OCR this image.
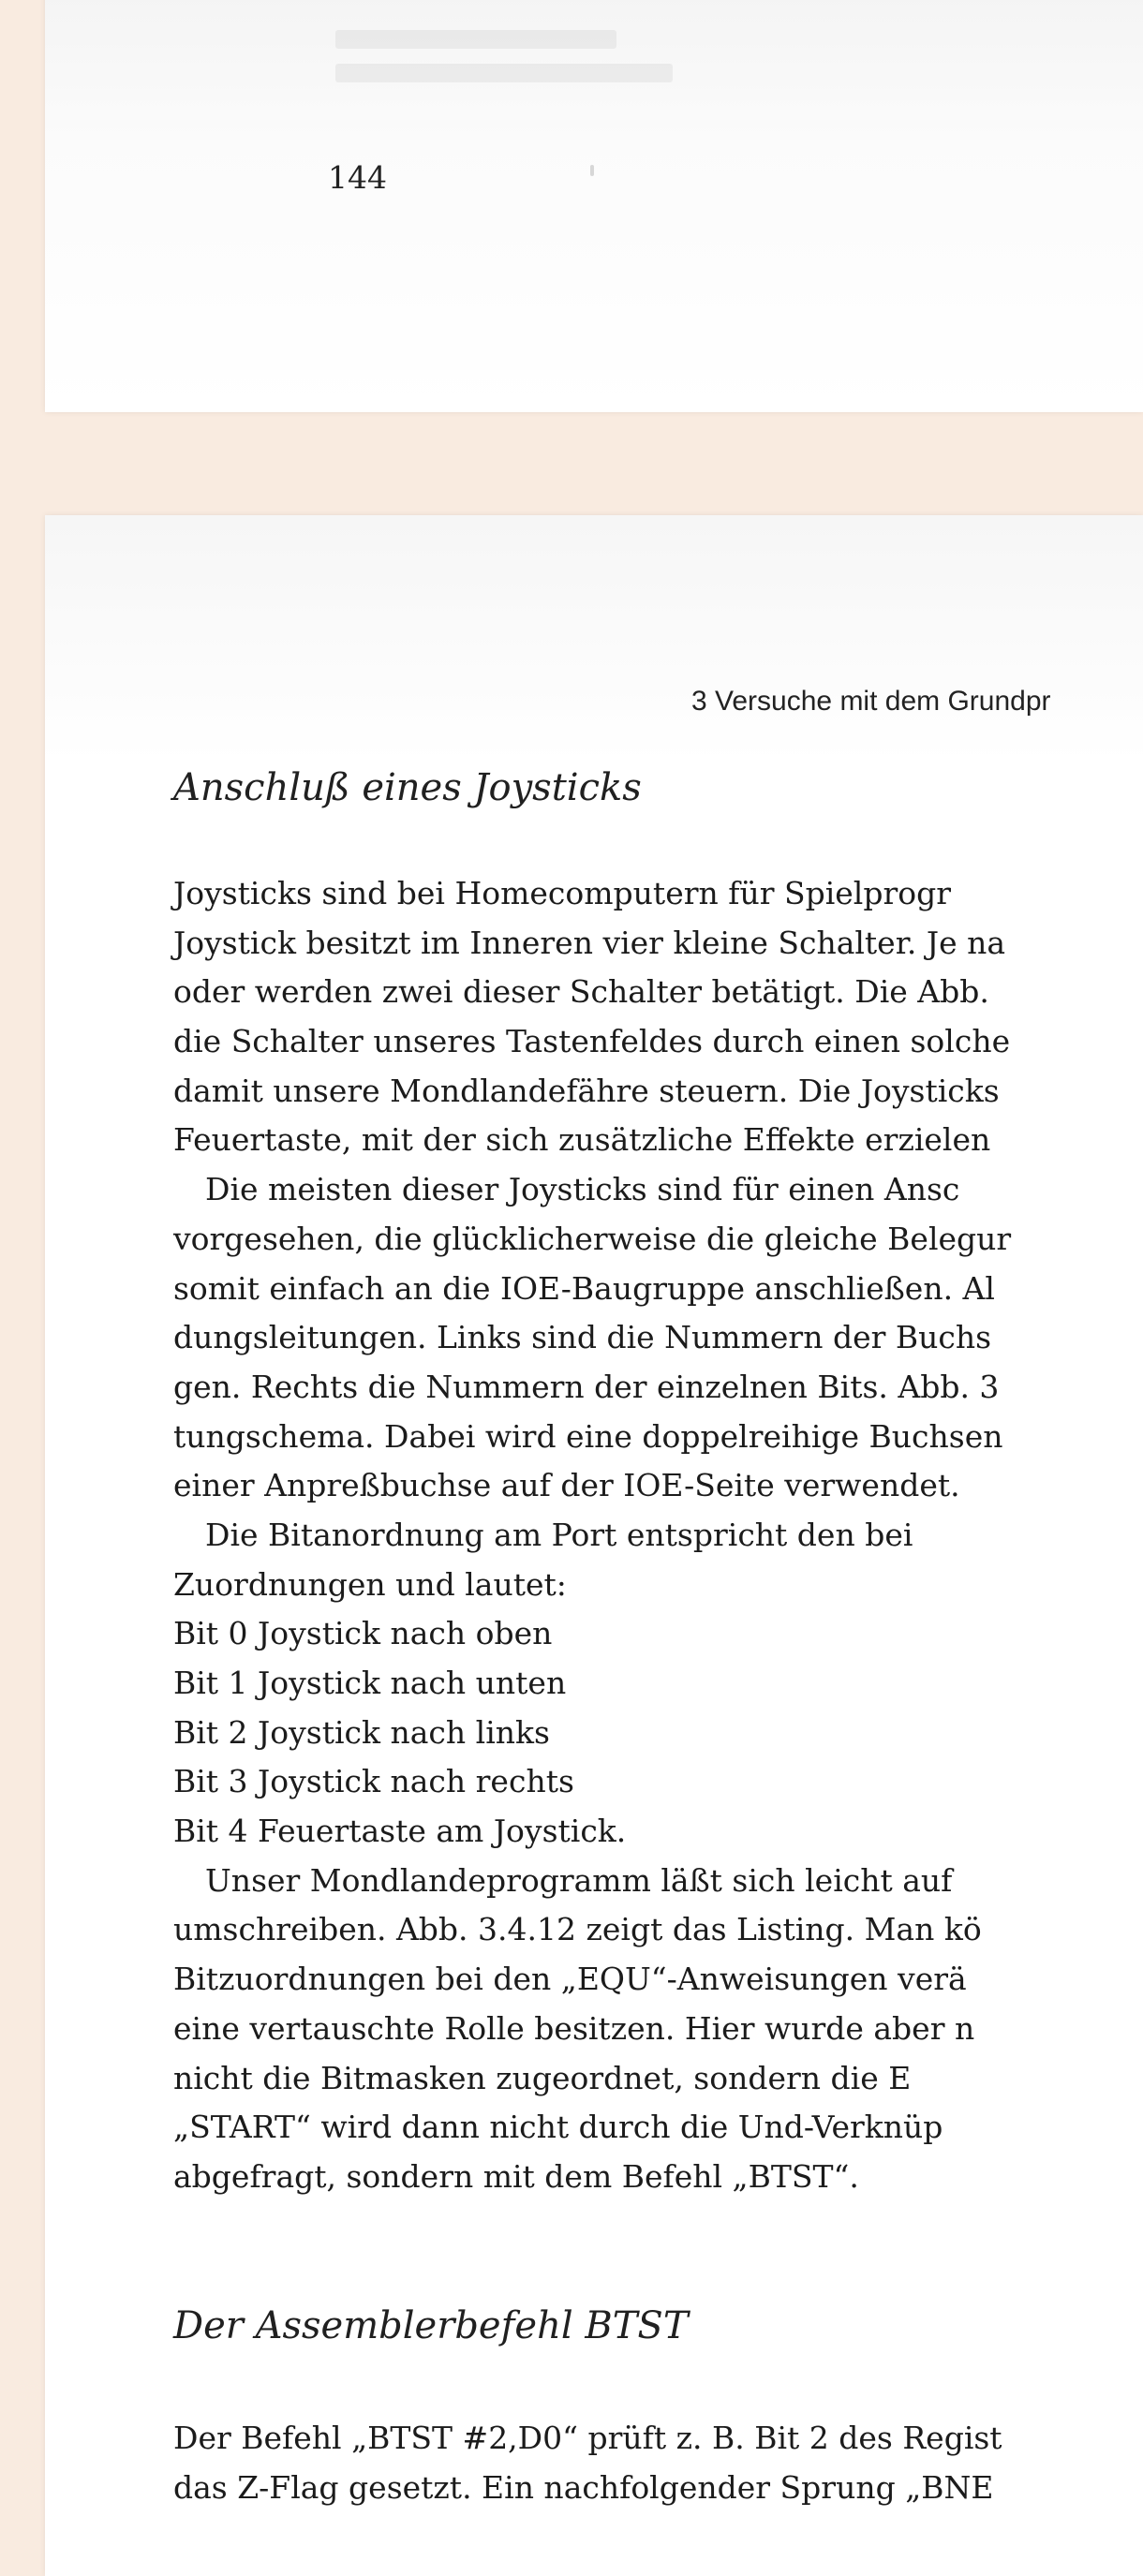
144
3 Versuche mit dem Grundpr
Anschluß eines Joysticks
Joysticks sind bei Homecomputern für Spielprogr
Joystick besitzt im Inneren vier kleine Schalter. Je na
oder werden zwei dieser Schalter betätigt. Die Abb.
die Schalter unseres Tastenfeldes durch einen solche
damit unsere Mondlandefähre steuern. Die Joysticks
Feuertaste, mit der sich zusätzliche Effekte erzielen
Die meisten dieser Joysticks sind für einen Ansc
vorgesehen, die glücklicherweise die gleiche Belegur
somit einfach an die IOE-Baugruppe anschließen. Al
dungsleitungen. Links sind die Nummern der Buchs
gen. Rechts die Nummern der einzelnen Bits. Abb. 3
tungschema. Dabei wird eine doppelreihige Buchsen
einer Anpreßbuchse auf der IOE-Seite verwendet.
Die Bitanordnung am Port entspricht den bei
Zuordnungen und lautet:
Bit 0 Joystick nach oben
Bit 1 Joystick nach unten
Bit 2 Joystick nach links
Bit 3 Joystick nach rechts
Bit 4 Feuertaste am Joystick.
Unser Mondlandeprogramm läßt sich leicht auf
umschreiben. Abb. 3.4.12 zeigt das Listing. Man kö
Bitzuordnungen bei den „EQU“-Anweisungen verä
eine vertauschte Rolle besitzen. Hier wurde aber n
nicht die Bitmasken zugeordnet, sondern die E
„START“ wird dann nicht durch die Und-Verknüp
abgefragt, sondern mit dem Befehl „BTST“.
Der Assemblerbefehl BTST
Der Befehl „BTST #2,D0“ prüft z. B. Bit 2 des Regist
das Z-Flag gesetzt. Ein nachfolgender Sprung „BNE
